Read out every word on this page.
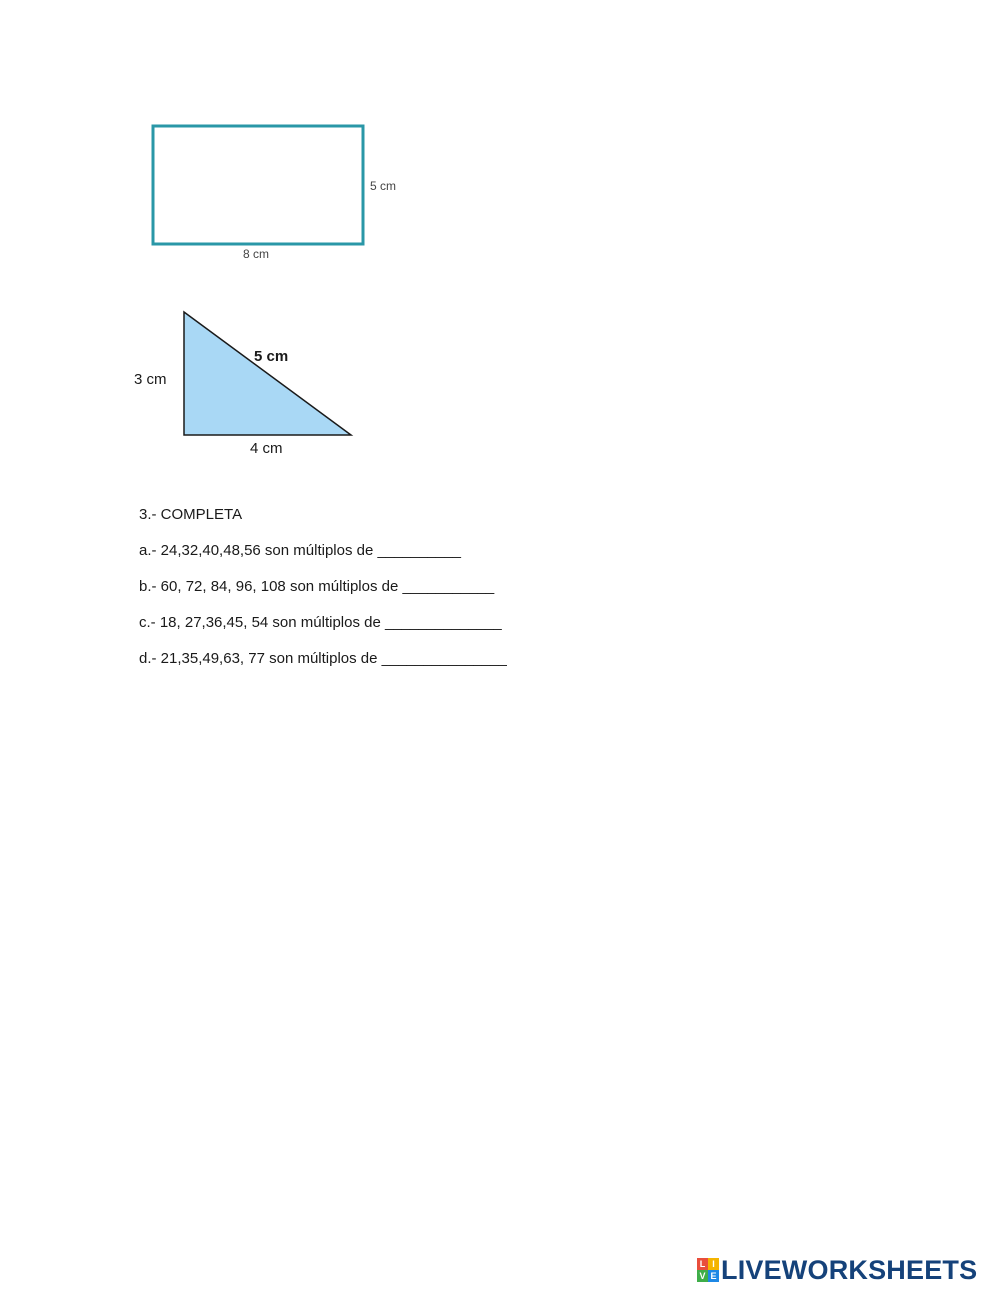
5 cm
8 cm
5 cm
3 cm
4 cm
3.- COMPLETA
a.- 24,32,40,48,56 son múltiplos de __________
b.- 60, 72, 84, 96, 108 son múltiplos de ___________
c.- 18, 27,36,45, 54 son múltiplos de ______________
d.- 21,35,49,63, 77 son múltiplos de _______________
L I
V E LIVEWORKSHEETS
